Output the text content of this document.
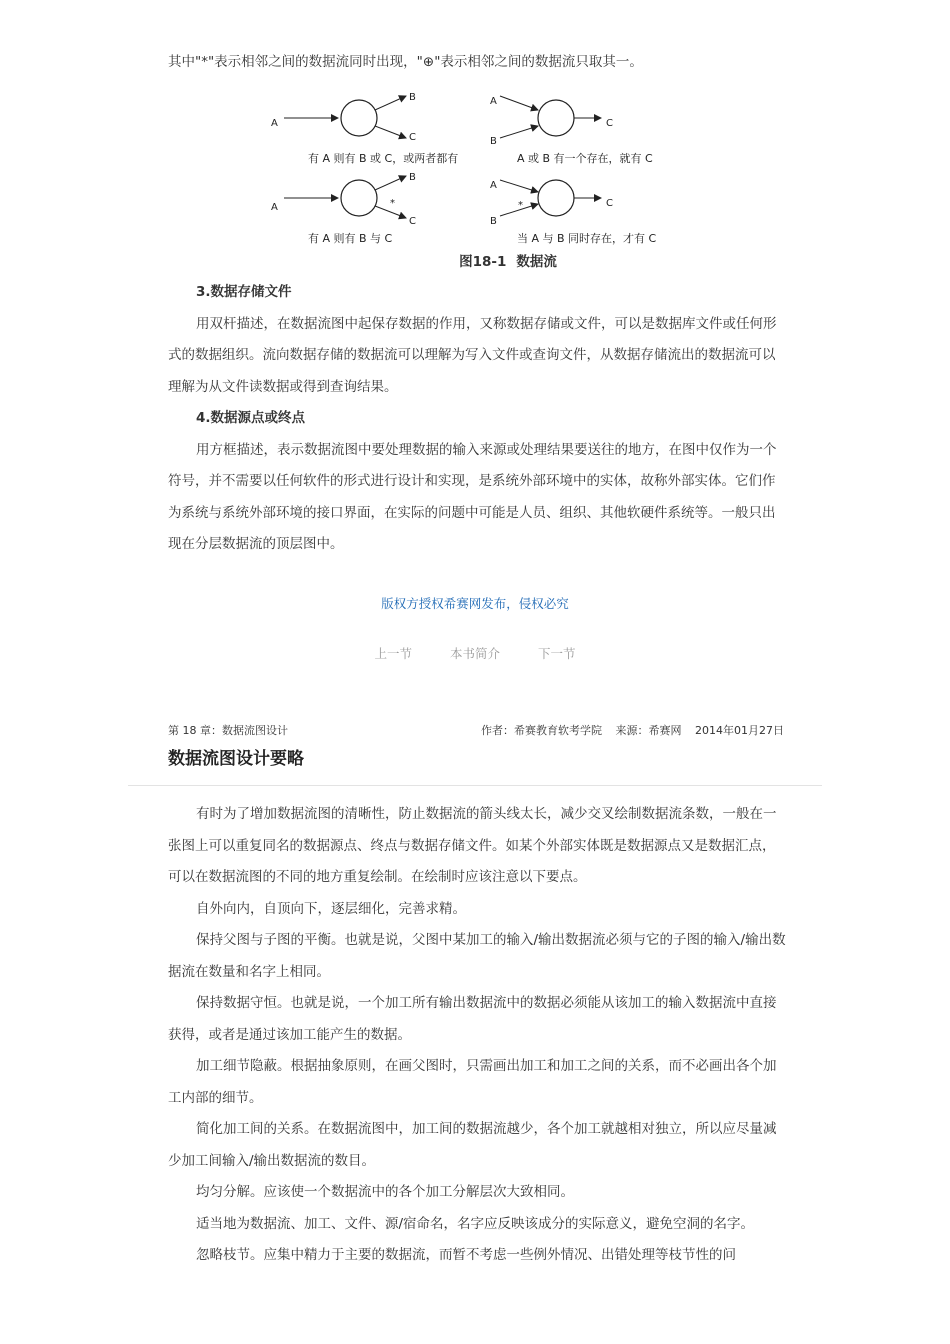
其中"*"表示相邻之间的数据流同时出现，"⊕"表示相邻之间的数据流只取其一。
A
B
C
有 A 则有 B 或 C，或两者都有
A
B
C
A 或 B 有一个存在，就有 C
A
B
C
*
有 A 则有 B 与 C
A
B
*	C
当 A 与 B 同时存在，才有 C
图18-1 数据流
3.数据存储文件

用双杆描述，在数据流图中起保存数据的作用，又称数据存储或文件，可以是数据库文件或任何形式的数据组织。流向数据存储的数据流可以理解为写入文件或查询文件，从数据存储流出的数据流可以理解为从文件读数据或得到查询结果。

4.数据源点或终点

用方框描述，表示数据流图中要处理数据的输入来源或处理结果要送往的地方，在图中仅作为一个符号，并不需要以任何软件的形式进行设计和实现，是系统外部环境中的实体，故称外部实体。它们作为系统与系统外部环境的接口界面，在实际的问题中可能是人员、组织、其他软硬件系统等。一般只出现在分层数据流的顶层图中。

版权方授权希赛网发布，侵权必究
上一节	本书简介	下一节
第 18 章：数据流图设计	作者：希赛教育软考学院 来源：希赛网 2014年01月27日
数据流图设计要略

有时为了增加数据流图的清晰性，防止数据流的箭头线太长，减少交叉绘制数据流条数，一般在一张图上可以重复同名的数据源点、终点与数据存储文件。如某个外部实体既是数据源点又是数据汇点，可以在数据流图的不同的地方重复绘制。在绘制时应该注意以下要点。

自外向内，自顶向下，逐层细化，完善求精。

保持父图与子图的平衡。也就是说，父图中某加工的输入/输出数据流必须与它的子图的输入/输出数据流在数量和名字上相同。

保持数据守恒。也就是说，一个加工所有输出数据流中的数据必须能从该加工的输入数据流中直接获得，或者是通过该加工能产生的数据。

加工细节隐蔽。根据抽象原则，在画父图时，只需画出加工和加工之间的关系，而不必画出各个加工内部的细节。

简化加工间的关系。在数据流图中，加工间的数据流越少，各个加工就越相对独立，所以应尽量减少加工间输入/输出数据流的数目。

均匀分解。应该使一个数据流中的各个加工分解层次大致相同。

适当地为数据流、加工、文件、源/宿命名，名字应反映该成分的实际意义，避免空洞的名字。

忽略枝节。应集中精力于主要的数据流，而暂不考虑一些例外情况、出错处理等枝节性的问
